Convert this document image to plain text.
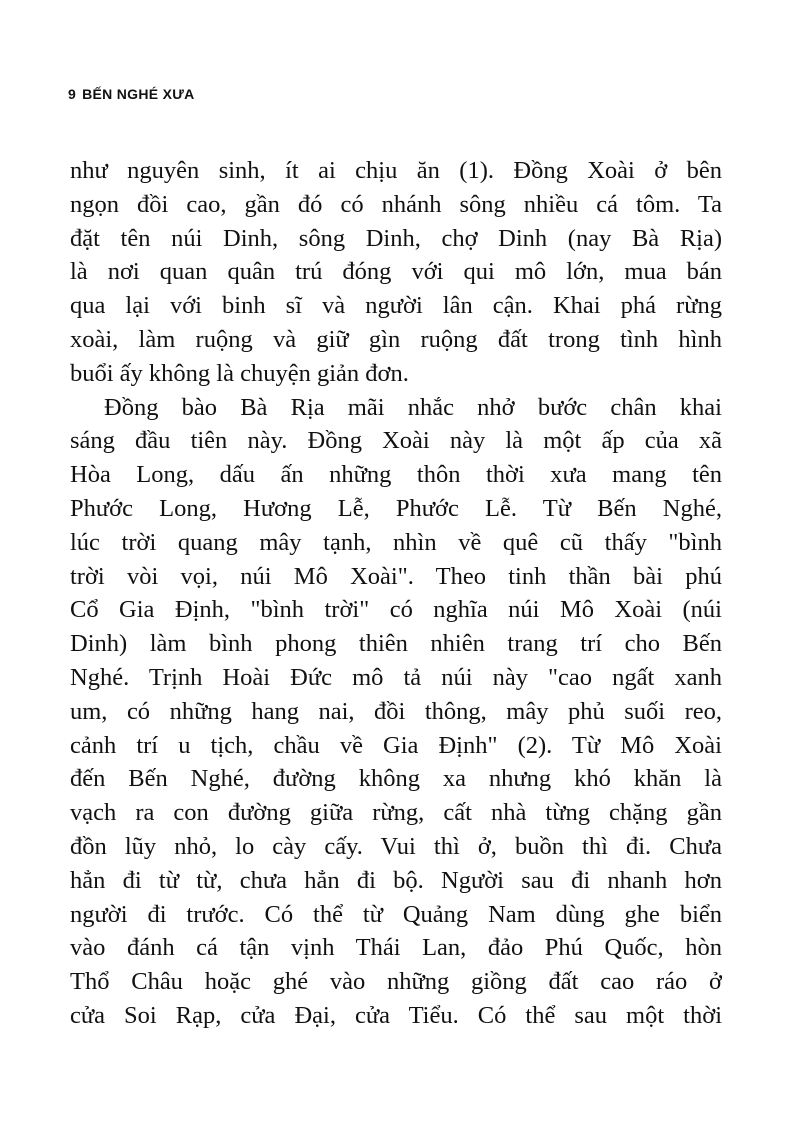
9 BẾN NGHÉ XƯA
như nguyên sinh, ít ai chịu ăn (1). Đồng Xoài ở bên
ngọn đồi cao, gần đó có nhánh sông nhiều cá tôm. Ta
đặt tên núi Dinh, sông Dinh, chợ Dinh (nay Bà Rịa)
là nơi quan quân trú đóng với qui mô lớn, mua bán
qua lại với binh sĩ và người lân cận. Khai phá rừng
xoài, làm ruộng và giữ gìn ruộng đất trong tình hình
buổi ấy không là chuyện giản đơn.
Đồng bào Bà Rịa mãi nhắc nhở bước chân khai
sáng đầu tiên này. Đồng Xoài này là một ấp của xã
Hòa Long, dấu ấn những thôn thời xưa mang tên
Phước Long, Hương Lễ, Phước Lễ. Từ Bến Nghé,
lúc trời quang mây tạnh, nhìn về quê cũ thấy "bình
trời vòi vọi, núi Mô Xoài". Theo tinh thần bài phú
Cổ Gia Định, "bình trời" có nghĩa núi Mô Xoài (núi
Dinh) làm bình phong thiên nhiên trang trí cho Bến
Nghé. Trịnh Hoài Đức mô tả núi này "cao ngất xanh
um, có những hang nai, đồi thông, mây phủ suối reo,
cảnh trí u tịch, chầu về Gia Định" (2). Từ Mô Xoài
đến Bến Nghé, đường không xa nhưng khó khăn là
vạch ra con đường giữa rừng, cất nhà từng chặng gần
đồn lũy nhỏ, lo cày cấy. Vui thì ở, buồn thì đi. Chưa
hẳn đi từ từ, chưa hẳn đi bộ. Người sau đi nhanh hơn
người đi trước. Có thể từ Quảng Nam dùng ghe biển
vào đánh cá tận vịnh Thái Lan, đảo Phú Quốc, hòn
Thổ Châu hoặc ghé vào những giồng đất cao ráo ở
cửa Soi Rạp, cửa Đại, cửa Tiểu. Có thể sau một thời
